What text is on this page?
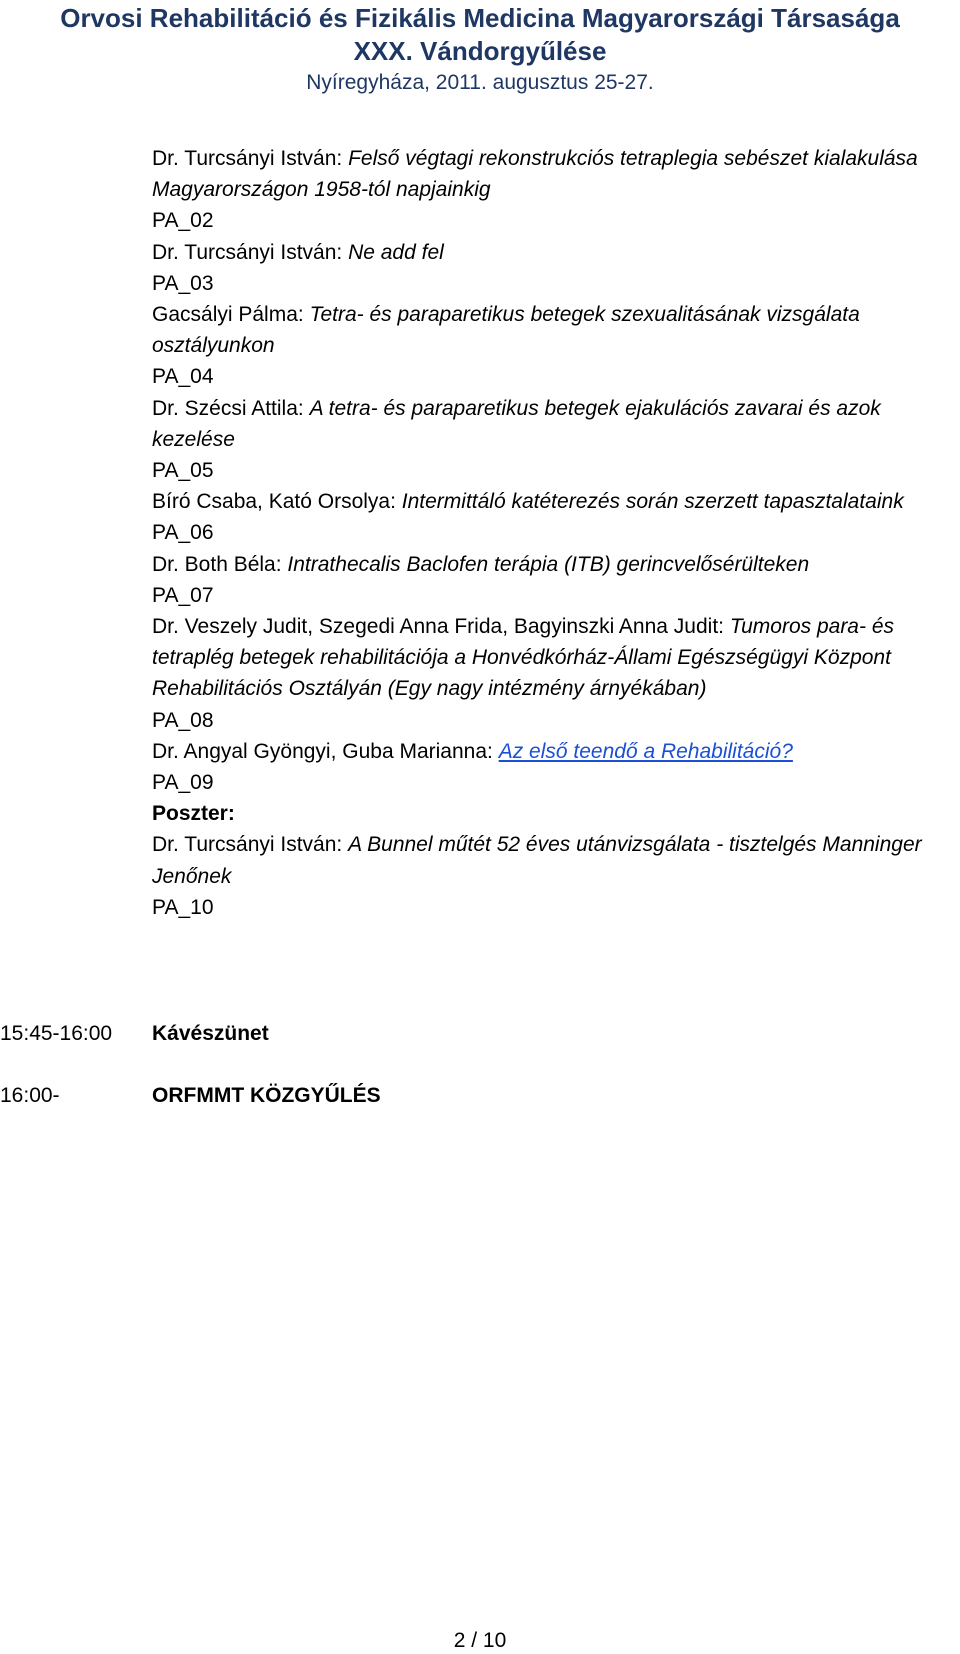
Orvosi Rehabilitáció és Fizikális Medicina Magyarországi Társasága
XXX. Vándorgyűlése
Nyíregyháza, 2011. augusztus 25-27.
Dr. Turcsányi István: Felső végtagi rekonstrukciós tetraplegia sebészet kialakulása Magyarországon 1958-tól napjainkig
PA_02
Dr. Turcsányi István: Ne add fel
PA_03
Gacsályi Pálma: Tetra- és paraparetikus betegek szexualitásának vizsgálata osztályunkon
PA_04
Dr. Szécsi Attila: A tetra- és paraparetikus betegek ejakulációs zavarai és azok kezelése
PA_05
Bíró Csaba, Kató Orsolya: Intermittáló katéterezés során szerzett tapasztalataink
PA_06
Dr. Both Béla: Intrathecalis Baclofen terápia (ITB) gerincvelősérülteken
PA_07
Dr. Veszely Judit, Szegedi Anna Frida, Bagyinszki Anna Judit: Tumoros para- és tetraplég betegek rehabilitációja a Honvédkórház-Állami Egészségügyi Központ Rehabilitációs Osztályán (Egy nagy intézmény árnyékában)
PA_08
Dr. Angyal Gyöngyi, Guba Marianna: Az első teendő a Rehabilitáció?
PA_09
Poszter:
Dr. Turcsányi István: A Bunnel műtét 52 éves utánvizsgálata - tisztelgés Manninger Jenőnek
PA_10
15:45-16:00 Kávészünet
16:00-	ORFMMT KÖZGYŰLÉS
2 / 10
